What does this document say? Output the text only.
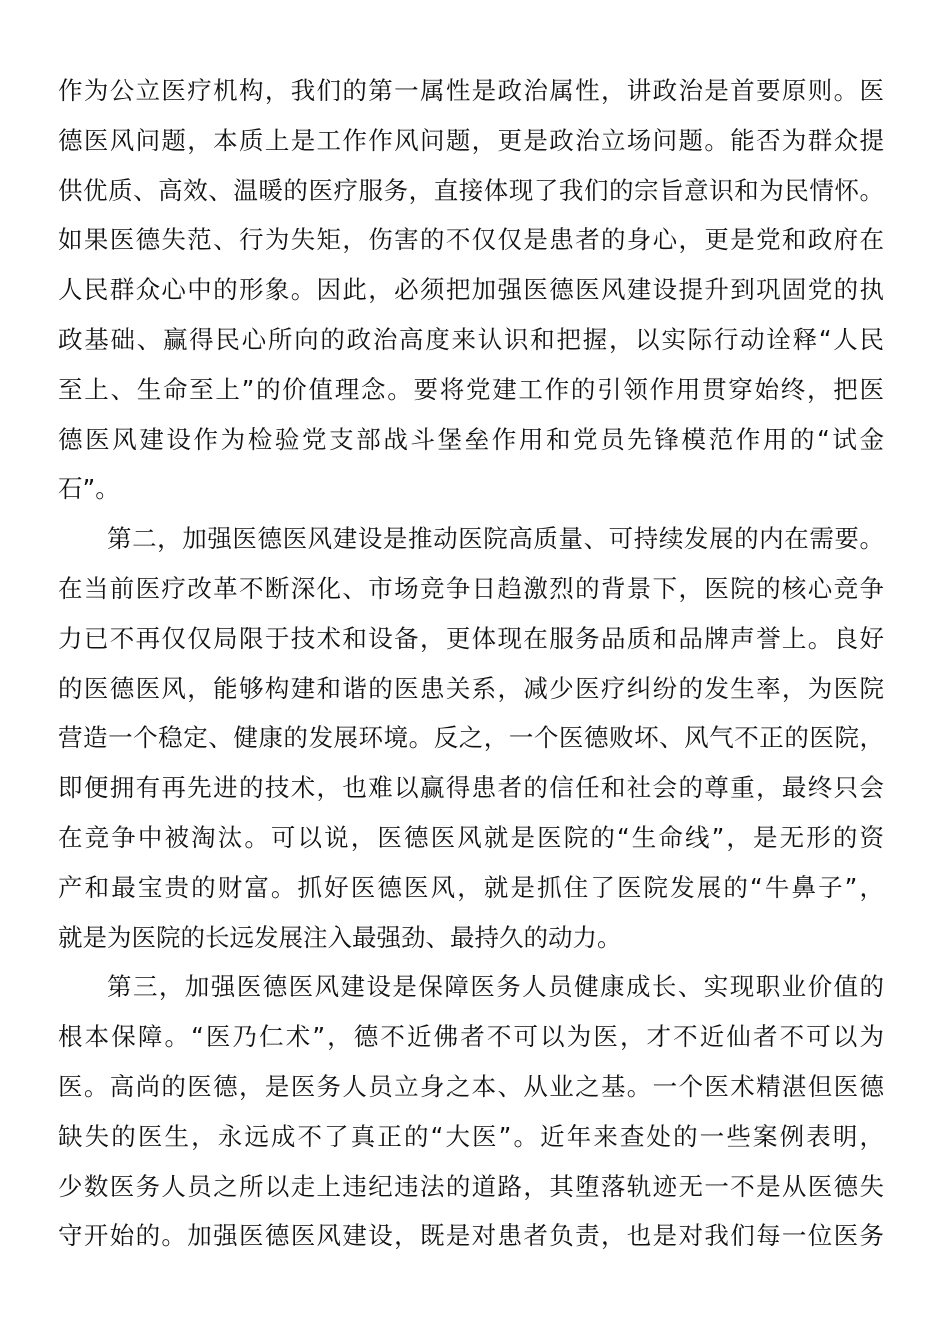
作为公立医疗机构，我们的第一属性是政治属性，讲政治是首要原则。医
德医风问题，本质上是工作作风问题，更是政治立场问题。能否为群众提
供优质、高效、温暖的医疗服务，直接体现了我们的宗旨意识和为民情怀。
如果医德失范、行为失矩，伤害的不仅仅是患者的身心，更是党和政府在
人民群众心中的形象。因此，必须把加强医德医风建设提升到巩固党的执
政基础、赢得民心所向的政治高度来认识和把握，以实际行动诠释“人民
至上、生命至上”的价值理念。要将党建工作的引领作用贯穿始终，把医
德医风建设作为检验党支部战斗堡垒作用和党员先锋模范作用的“试金
石”。
第二，加强医德医风建设是推动医院高质量、可持续发展的内在需要。
在当前医疗改革不断深化、市场竞争日趋激烈的背景下，医院的核心竞争
力已不再仅仅局限于技术和设备，更体现在服务品质和品牌声誉上。良好
的医德医风，能够构建和谐的医患关系，减少医疗纠纷的发生率，为医院
营造一个稳定、健康的发展环境。反之，一个医德败坏、风气不正的医院，
即便拥有再先进的技术，也难以赢得患者的信任和社会的尊重，最终只会
在竞争中被淘汰。可以说，医德医风就是医院的“生命线”，是无形的资
产和最宝贵的财富。抓好医德医风，就是抓住了医院发展的“牛鼻子”，
就是为医院的长远发展注入最强劲、最持久的动力。
第三，加强医德医风建设是保障医务人员健康成长、实现职业价值的
根本保障。“医乃仁术”，德不近佛者不可以为医，才不近仙者不可以为
医。高尚的医德，是医务人员立身之本、从业之基。一个医术精湛但医德
缺失的医生，永远成不了真正的“大医”。近年来查处的一些案例表明，
少数医务人员之所以走上违纪违法的道路，其堕落轨迹无一不是从医德失
守开始的。加强医德医风建设，既是对患者负责，也是对我们每一位医务
